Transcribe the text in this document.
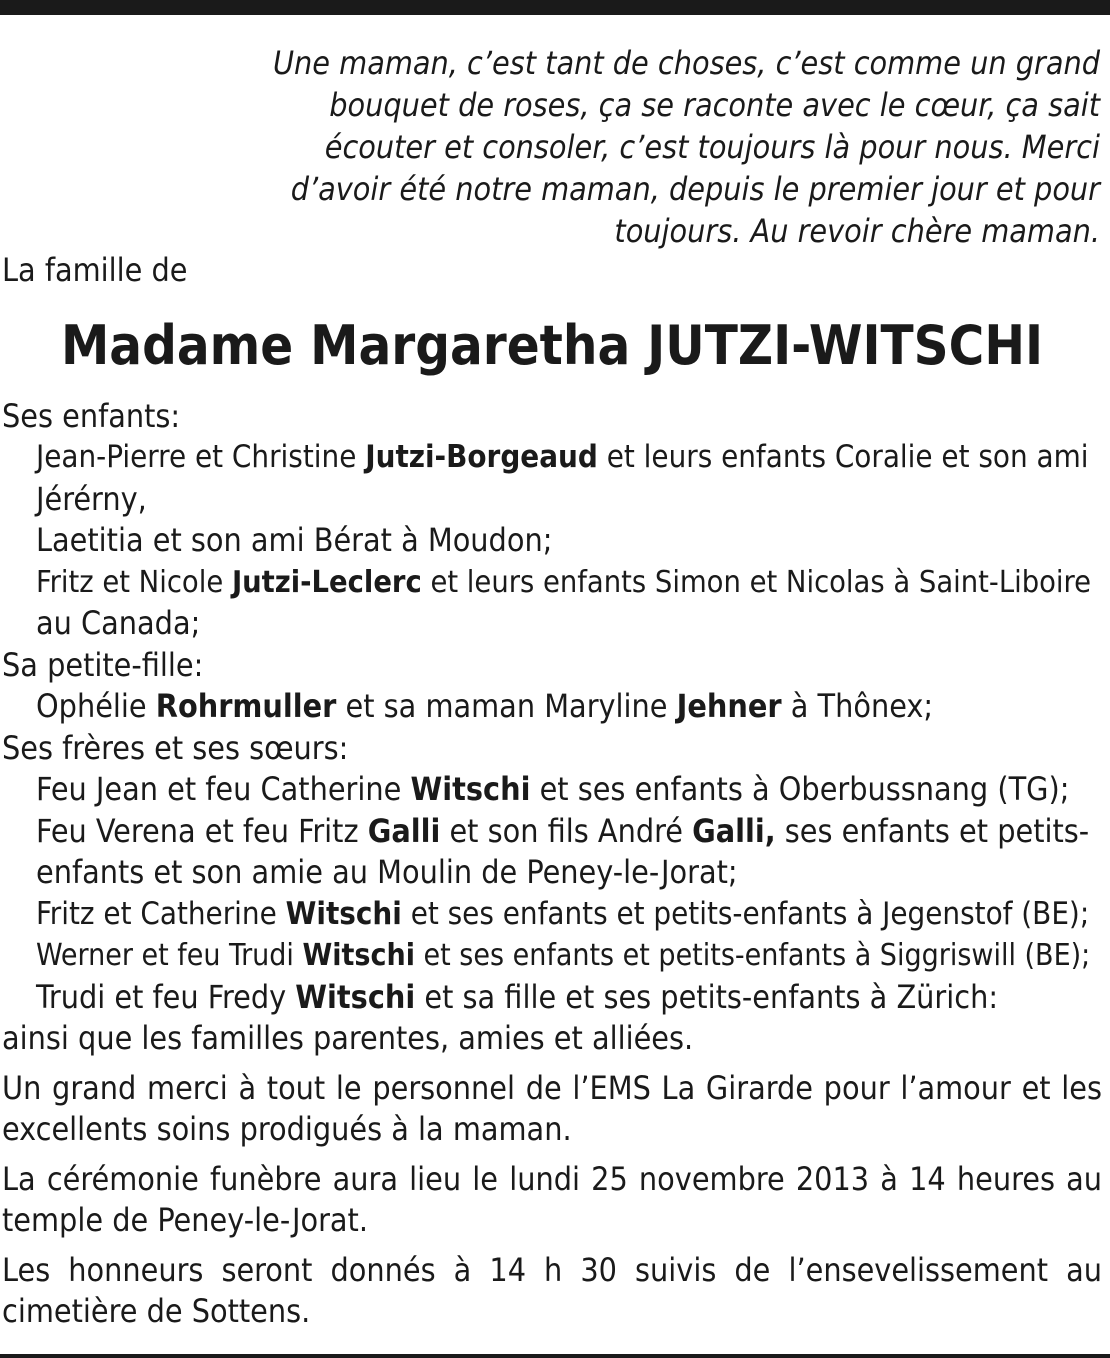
Une maman, c’est tant de choses, c’est comme un grand bouquet de roses, ça se raconte avec le cœur, ça sait écouter et consoler, c’est toujours là pour nous. Merci d’avoir été notre maman, depuis le premier jour et pour toujours. Au revoir chère maman.
La famille de
Madame Margaretha JUTZI-WITSCHI
Ses enfants:
Jean-Pierre et Christine Jutzi-Borgeaud et leurs enfants Coralie et son ami
Jérérny,
Laetitia et son ami Bérat à Moudon;
Fritz et Nicole Jutzi-Leclerc et leurs enfants Simon et Nicolas à Saint-Liboire
au Canada;
Sa petite-fille:
Ophélie Rohrmuller et sa maman Maryline Jehner à Thônex;
Ses frères et ses sœurs:
Feu Jean et feu Catherine Witschi et ses enfants à Oberbussnang (TG);
Feu Verena et feu Fritz Galli et son fils André Galli, ses enfants et petits-
enfants et son amie au Moulin de Peney-le-Jorat;
Fritz et Catherine Witschi et ses enfants et petits-enfants à Jegenstof (BE);
Werner et feu Trudi Witschi et ses enfants et petits-enfants à Siggriswill (BE);
Trudi et feu Fredy Witschi et sa fille et ses petits-enfants à Zürich:
ainsi que les familles parentes, amies et alliées.
Un grand merci à tout le personnel de l’EMS La Girarde pour l’amour et les excellents soins prodigués à la maman.
La cérémonie funèbre aura lieu le lundi 25 novembre 2013 à 14 heures au temple de Peney-le-Jorat.
Les honneurs seront donnés à 14 h 30 suivis de l’ensevelissement au cimetière de Sottens.
